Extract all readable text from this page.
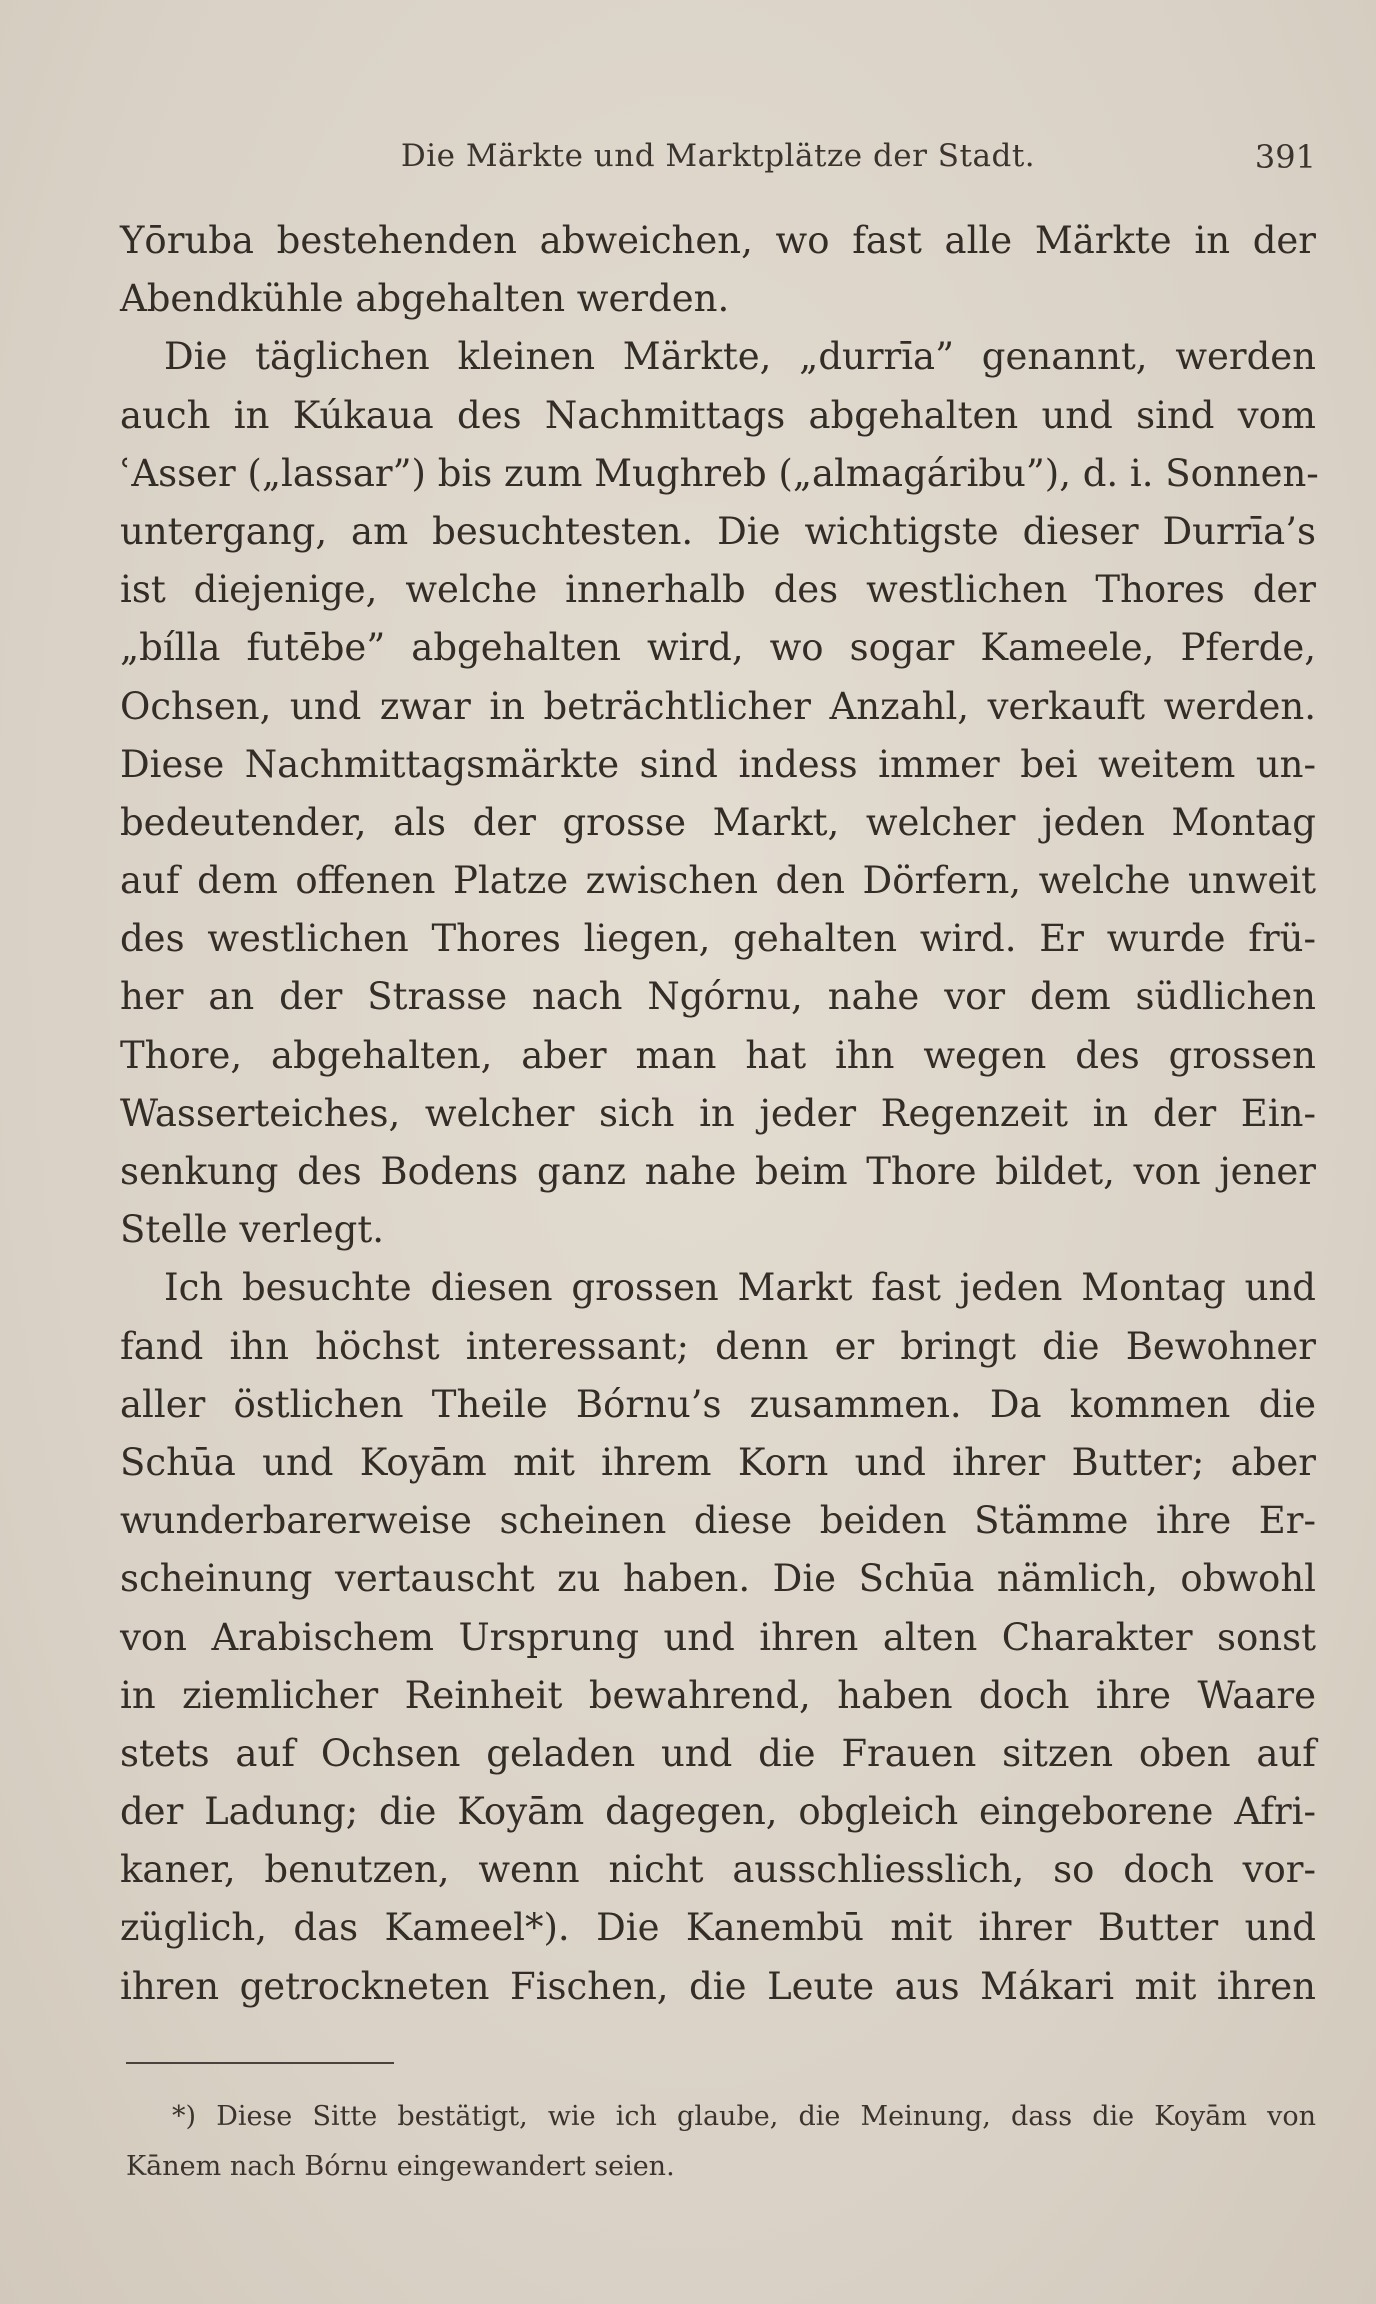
Die Märkte und Marktplätze der Stadt.	391
Yōruba bestehenden abweichen, wo fast alle Märkte in der
Abendkühle abgehalten werden.
Die täglichen kleinen Märkte, „durrīa” genannt, werden
auch in Kúkaua des Nachmittags abgehalten und sind vom
ʿAsser („lassar”) bis zum Mughreb („almagáribu”), d. i. Sonnen-
untergang, am besuchtesten. Die wichtigste dieser Durrīa’s
ist diejenige, welche innerhalb des westlichen Thores der
„bílla futēbe” abgehalten wird, wo sogar Kameele, Pferde,
Ochsen, und zwar in beträchtlicher Anzahl, verkauft werden.
Diese Nachmittagsmärkte sind indess immer bei weitem un-
bedeutender, als der grosse Markt, welcher jeden Montag
auf dem offenen Platze zwischen den Dörfern, welche unweit
des westlichen Thores liegen, gehalten wird. Er wurde frü-
her an der Strasse nach Ngórnu, nahe vor dem südlichen
Thore, abgehalten, aber man hat ihn wegen des grossen
Wasserteiches, welcher sich in jeder Regenzeit in der Ein-
senkung des Bodens ganz nahe beim Thore bildet, von jener
Stelle verlegt.
Ich besuchte diesen grossen Markt fast jeden Montag und
fand ihn höchst interessant; denn er bringt die Bewohner
aller östlichen Theile Bórnu’s zusammen. Da kommen die
Schūa und Koyām mit ihrem Korn und ihrer Butter; aber
wunderbarerweise scheinen diese beiden Stämme ihre Er-
scheinung vertauscht zu haben. Die Schūa nämlich, obwohl
von Arabischem Ursprung und ihren alten Charakter sonst
in ziemlicher Reinheit bewahrend, haben doch ihre Waare
stets auf Ochsen geladen und die Frauen sitzen oben auf
der Ladung; die Koyām dagegen, obgleich eingeborene Afri-
kaner, benutzen, wenn nicht ausschliesslich, so doch vor-
züglich, das Kameel*). Die Kanembū mit ihrer Butter und
ihren getrockneten Fischen, die Leute aus Mákari mit ihren
*) Diese Sitte bestätigt, wie ich glaube, die Meinung, dass die Koyām von
Kānem nach Bórnu eingewandert seien.
